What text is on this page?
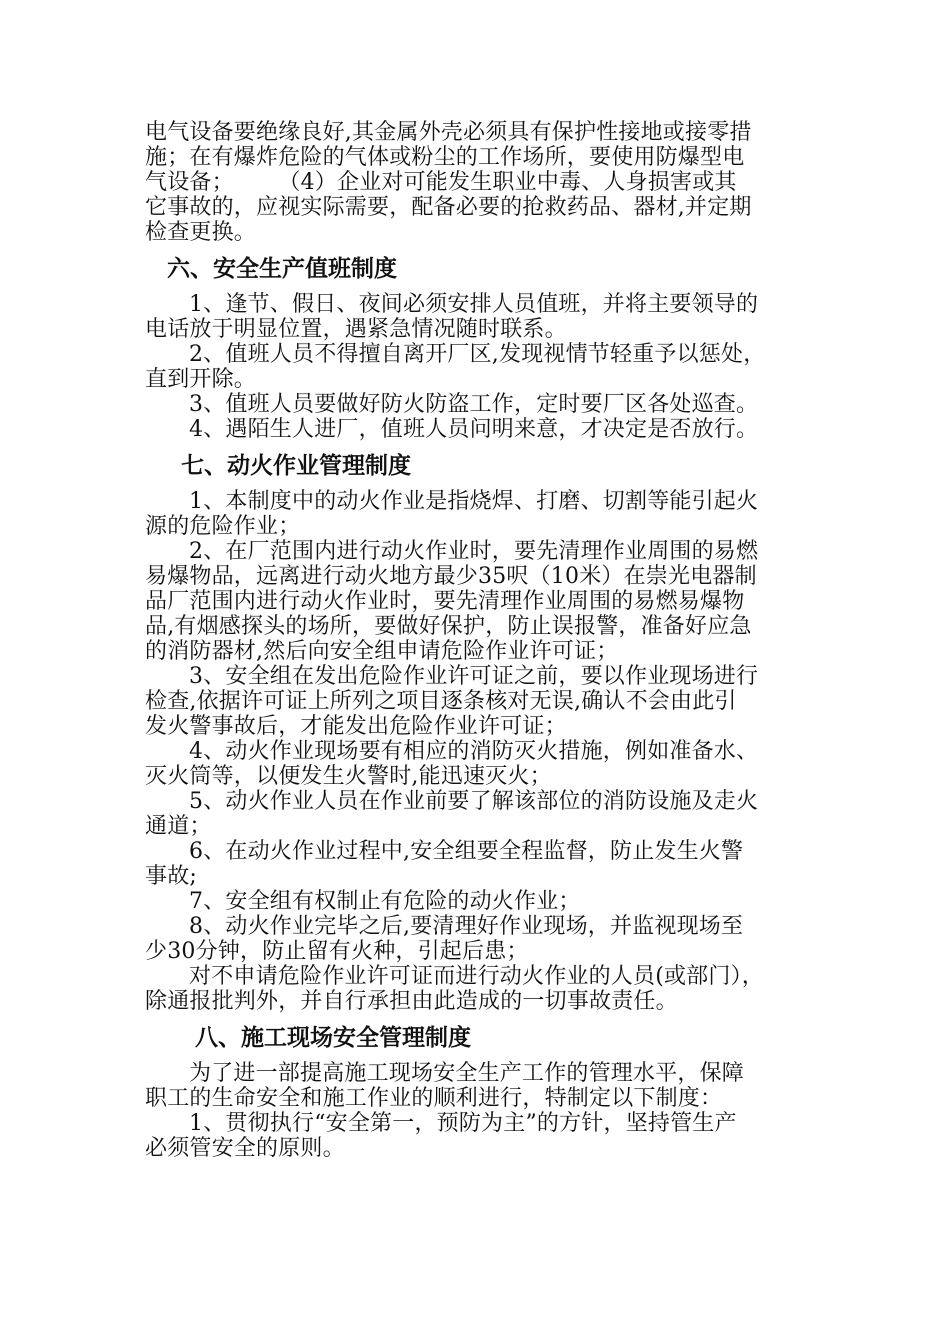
电气设备要绝缘良好,其金属外壳必须具有保护性接地或接零措
施；在有爆炸危险的气体或粉尘的工作场所，要使用防爆型电
气设备；　　　（4）企业对可能发生职业中毒、人身损害或其
它事故的，应视实际需要，配备必要的抢救药品、器材,并定期
检查更换。
六、安全生产值班制度
1、逢节、假日、夜间必须安排人员值班，并将主要领导的
电话放于明显位置，遇紧急情况随时联系。
2、值班人员不得擅自离开厂区,发现视情节轻重予以惩处，
直到开除。
3、值班人员要做好防火防盗工作，定时要厂区各处巡查。
4、遇陌生人进厂，值班人员问明来意，才决定是否放行。
七、动火作业管理制度
1、本制度中的动火作业是指烧焊、打磨、切割等能引起火
源的危险作业；
2、在厂范围内进行动火作业时，要先清理作业周围的易燃
易爆物品，远离进行动火地方最少35呎（10米）在崇光电器制
品厂范围内进行动火作业时，要先清理作业周围的易燃易爆物
品,有烟感探头的场所，要做好保护，防止误报警，准备好应急
的消防器材,然后向安全组申请危险作业许可证；
3、安全组在发出危险作业许可证之前，要以作业现场进行
检查,依据许可证上所列之项目逐条核对无误,确认不会由此引
发火警事故后，才能发出危险作业许可证；
4、动火作业现场要有相应的消防灭火措施，例如准备水、
灭火筒等，以便发生火警时,能迅速灭火；
5、动火作业人员在作业前要了解该部位的消防设施及走火
通道；
6、在动火作业过程中,安全组要全程监督，防止发生火警
事故;
7、安全组有权制止有危险的动火作业；
8、动火作业完毕之后,要清理好作业现场，并监视现场至
少30分钟，防止留有火种，引起后患；
对不申请危险作业许可证而进行动火作业的人员(或部门），
除通报批判外，并自行承担由此造成的一切事故责任。
八、施工现场安全管理制度
为了进一部提高施工现场安全生产工作的管理水平，保障
职工的生命安全和施工作业的顺利进行，特制定以下制度：
1、贯彻执行“安全第一，预防为主”的方针，坚持管生产
必须管安全的原则。
